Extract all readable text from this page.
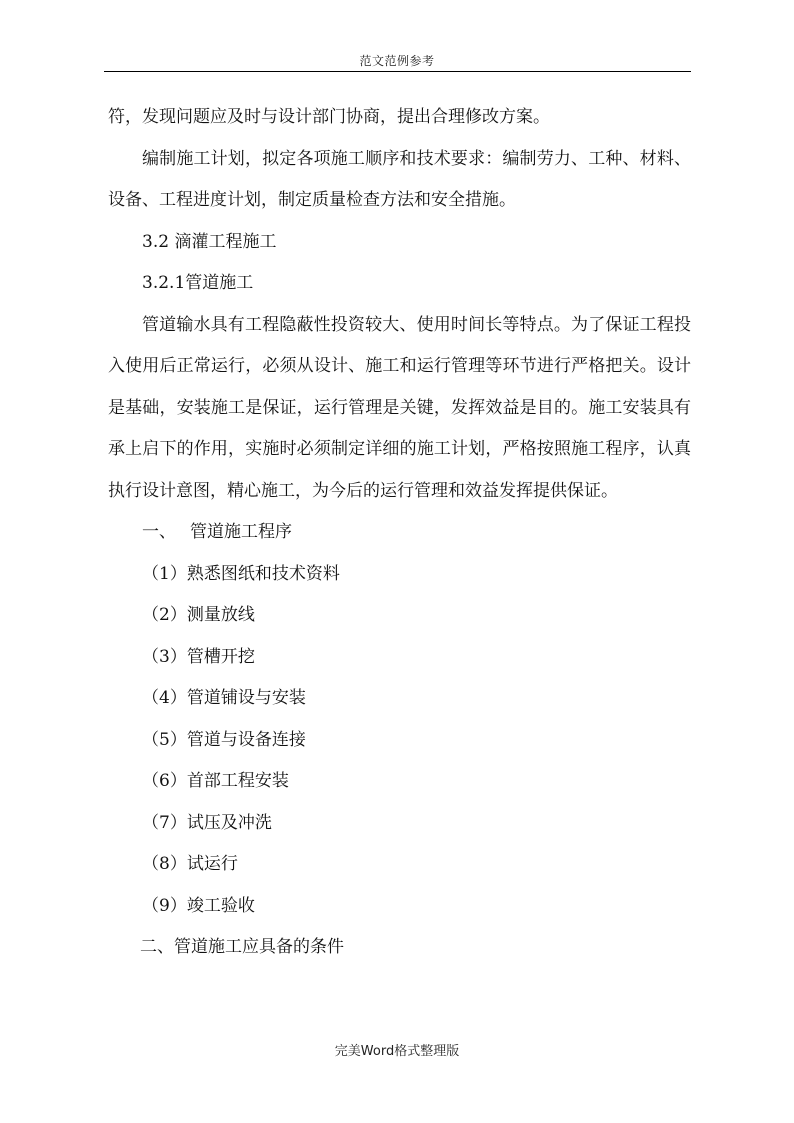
范文范例参考
符，发现问题应及时与设计部门协商，提出合理修改方案。
编制施工计划，拟定各项施工顺序和技术要求：编制劳力、工种、材料、设备、工程进度计划，制定质量检查方法和安全措施。
3.2 滴灌工程施工
3.2.1管道施工
管道输水具有工程隐蔽性投资较大、使用时间长等特点。为了保证工程投入使用后正常运行，必须从设计、施工和运行管理等环节进行严格把关。设计是基础，安装施工是保证，运行管理是关键，发挥效益是目的。施工安装具有承上启下的作用，实施时必须制定详细的施工计划，严格按照施工程序，认真执行设计意图，精心施工，为今后的运行管理和效益发挥提供保证。
一、 管道施工程序
（1）熟悉图纸和技术资料
（2）测量放线
（3）管槽开挖
（4）管道铺设与安装
（5）管道与设备连接
（6）首部工程安装
（7）试压及冲洗
（8）试运行
（9）竣工验收
二、管道施工应具备的条件
完美Word格式整理版
